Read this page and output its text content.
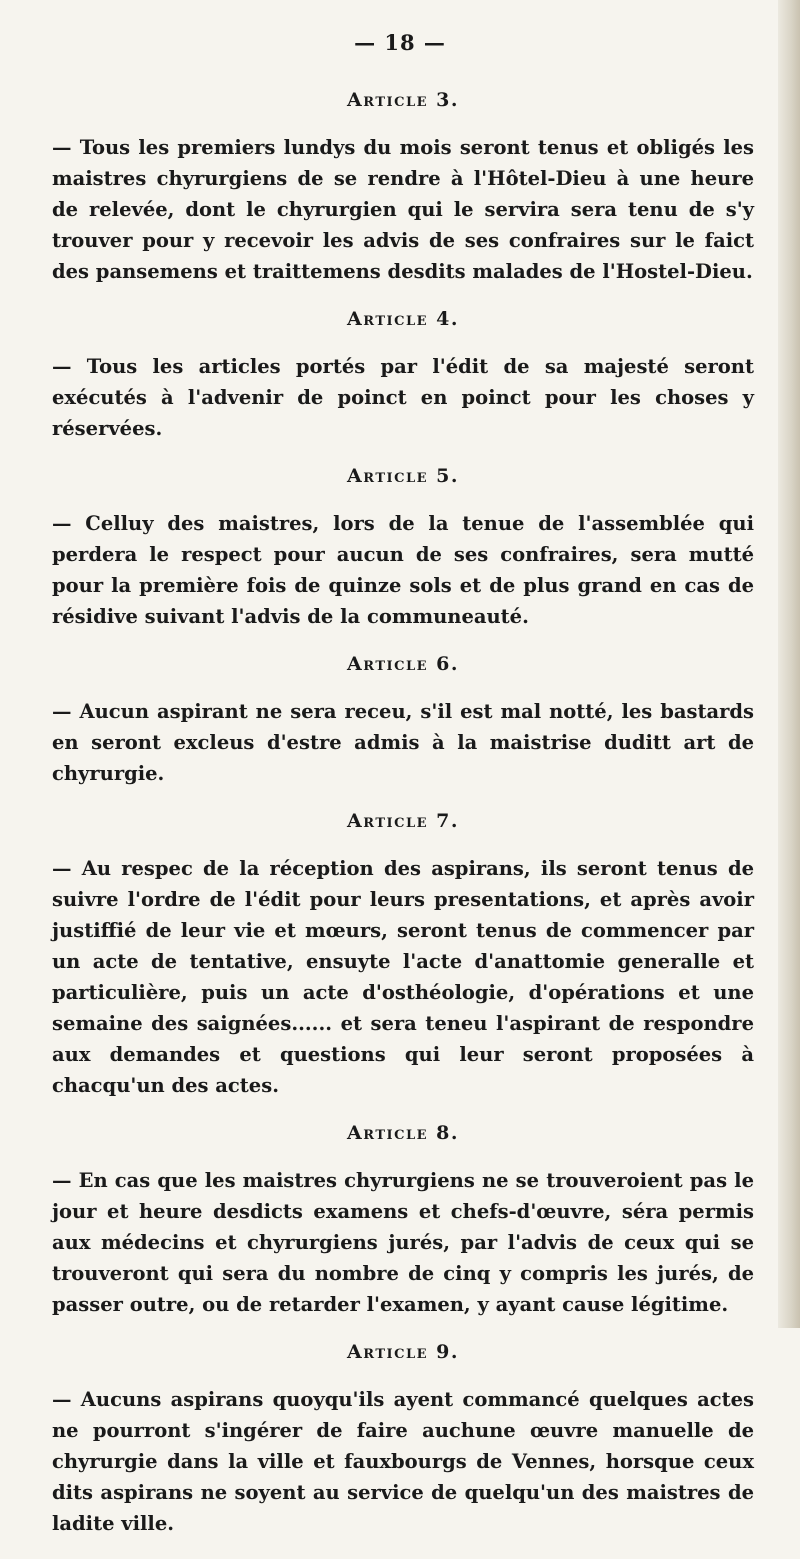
— 18 —
Article 3.

— Tous les premiers lundys du mois seront tenus et obligés les maistres chyrurgiens de se rendre à l'Hôtel-Dieu à une heure de relevée, dont le chyrurgien qui le servira sera tenu de s'y trouver pour y recevoir les advis de ses confraires sur le faict des pansemens et traittemens desdits malades de l'Hostel-Dieu.

Article 4.

— Tous les articles portés par l'édit de sa majesté seront exécutés à l'advenir de poinct en poinct pour les choses y réservées.

Article 5.

— Celluy des maistres, lors de la tenue de l'assemblée qui perdera le respect pour aucun de ses confraires, sera mutté pour la première fois de quinze sols et de plus grand en cas de résidive suivant l'advis de la communeauté.

Article 6.

— Aucun aspirant ne sera receu, s'il est mal notté, les bastards en seront excleus d'estre admis à la maistrise duditt art de chyrurgie.

Article 7.

— Au respec de la réception des aspirans, ils seront tenus de suivre l'ordre de l'édit pour leurs presentations, et après avoir justiffié de leur vie et mœurs, seront tenus de commencer par un acte de tentative, ensuyte l'acte d'anattomie generalle et particulière, puis un acte d'osthéologie, d'opérations et une semaine des saignées...... et sera teneu l'aspirant de respondre aux demandes et questions qui leur seront proposées à chacqu'un des actes.

Article 8.

— En cas que les maistres chyrurgiens ne se trouveroient pas le jour et heure desdicts examens et chefs-d'œuvre, séra permis aux médecins et chyrurgiens jurés, par l'advis de ceux qui se trouveront qui sera du nombre de cinq y compris les jurés, de passer outre, ou de retarder l'examen, y ayant cause légitime.

Article 9.

— Aucuns aspirans quoyqu'ils ayent commancé quelques actes ne pourront s'ingérer de faire auchune œuvre manuelle de chyrurgie dans la ville et fauxbourgs de Vennes, horsque ceux dits aspirans ne soyent au service de quelqu'un des maistres de ladite ville.
